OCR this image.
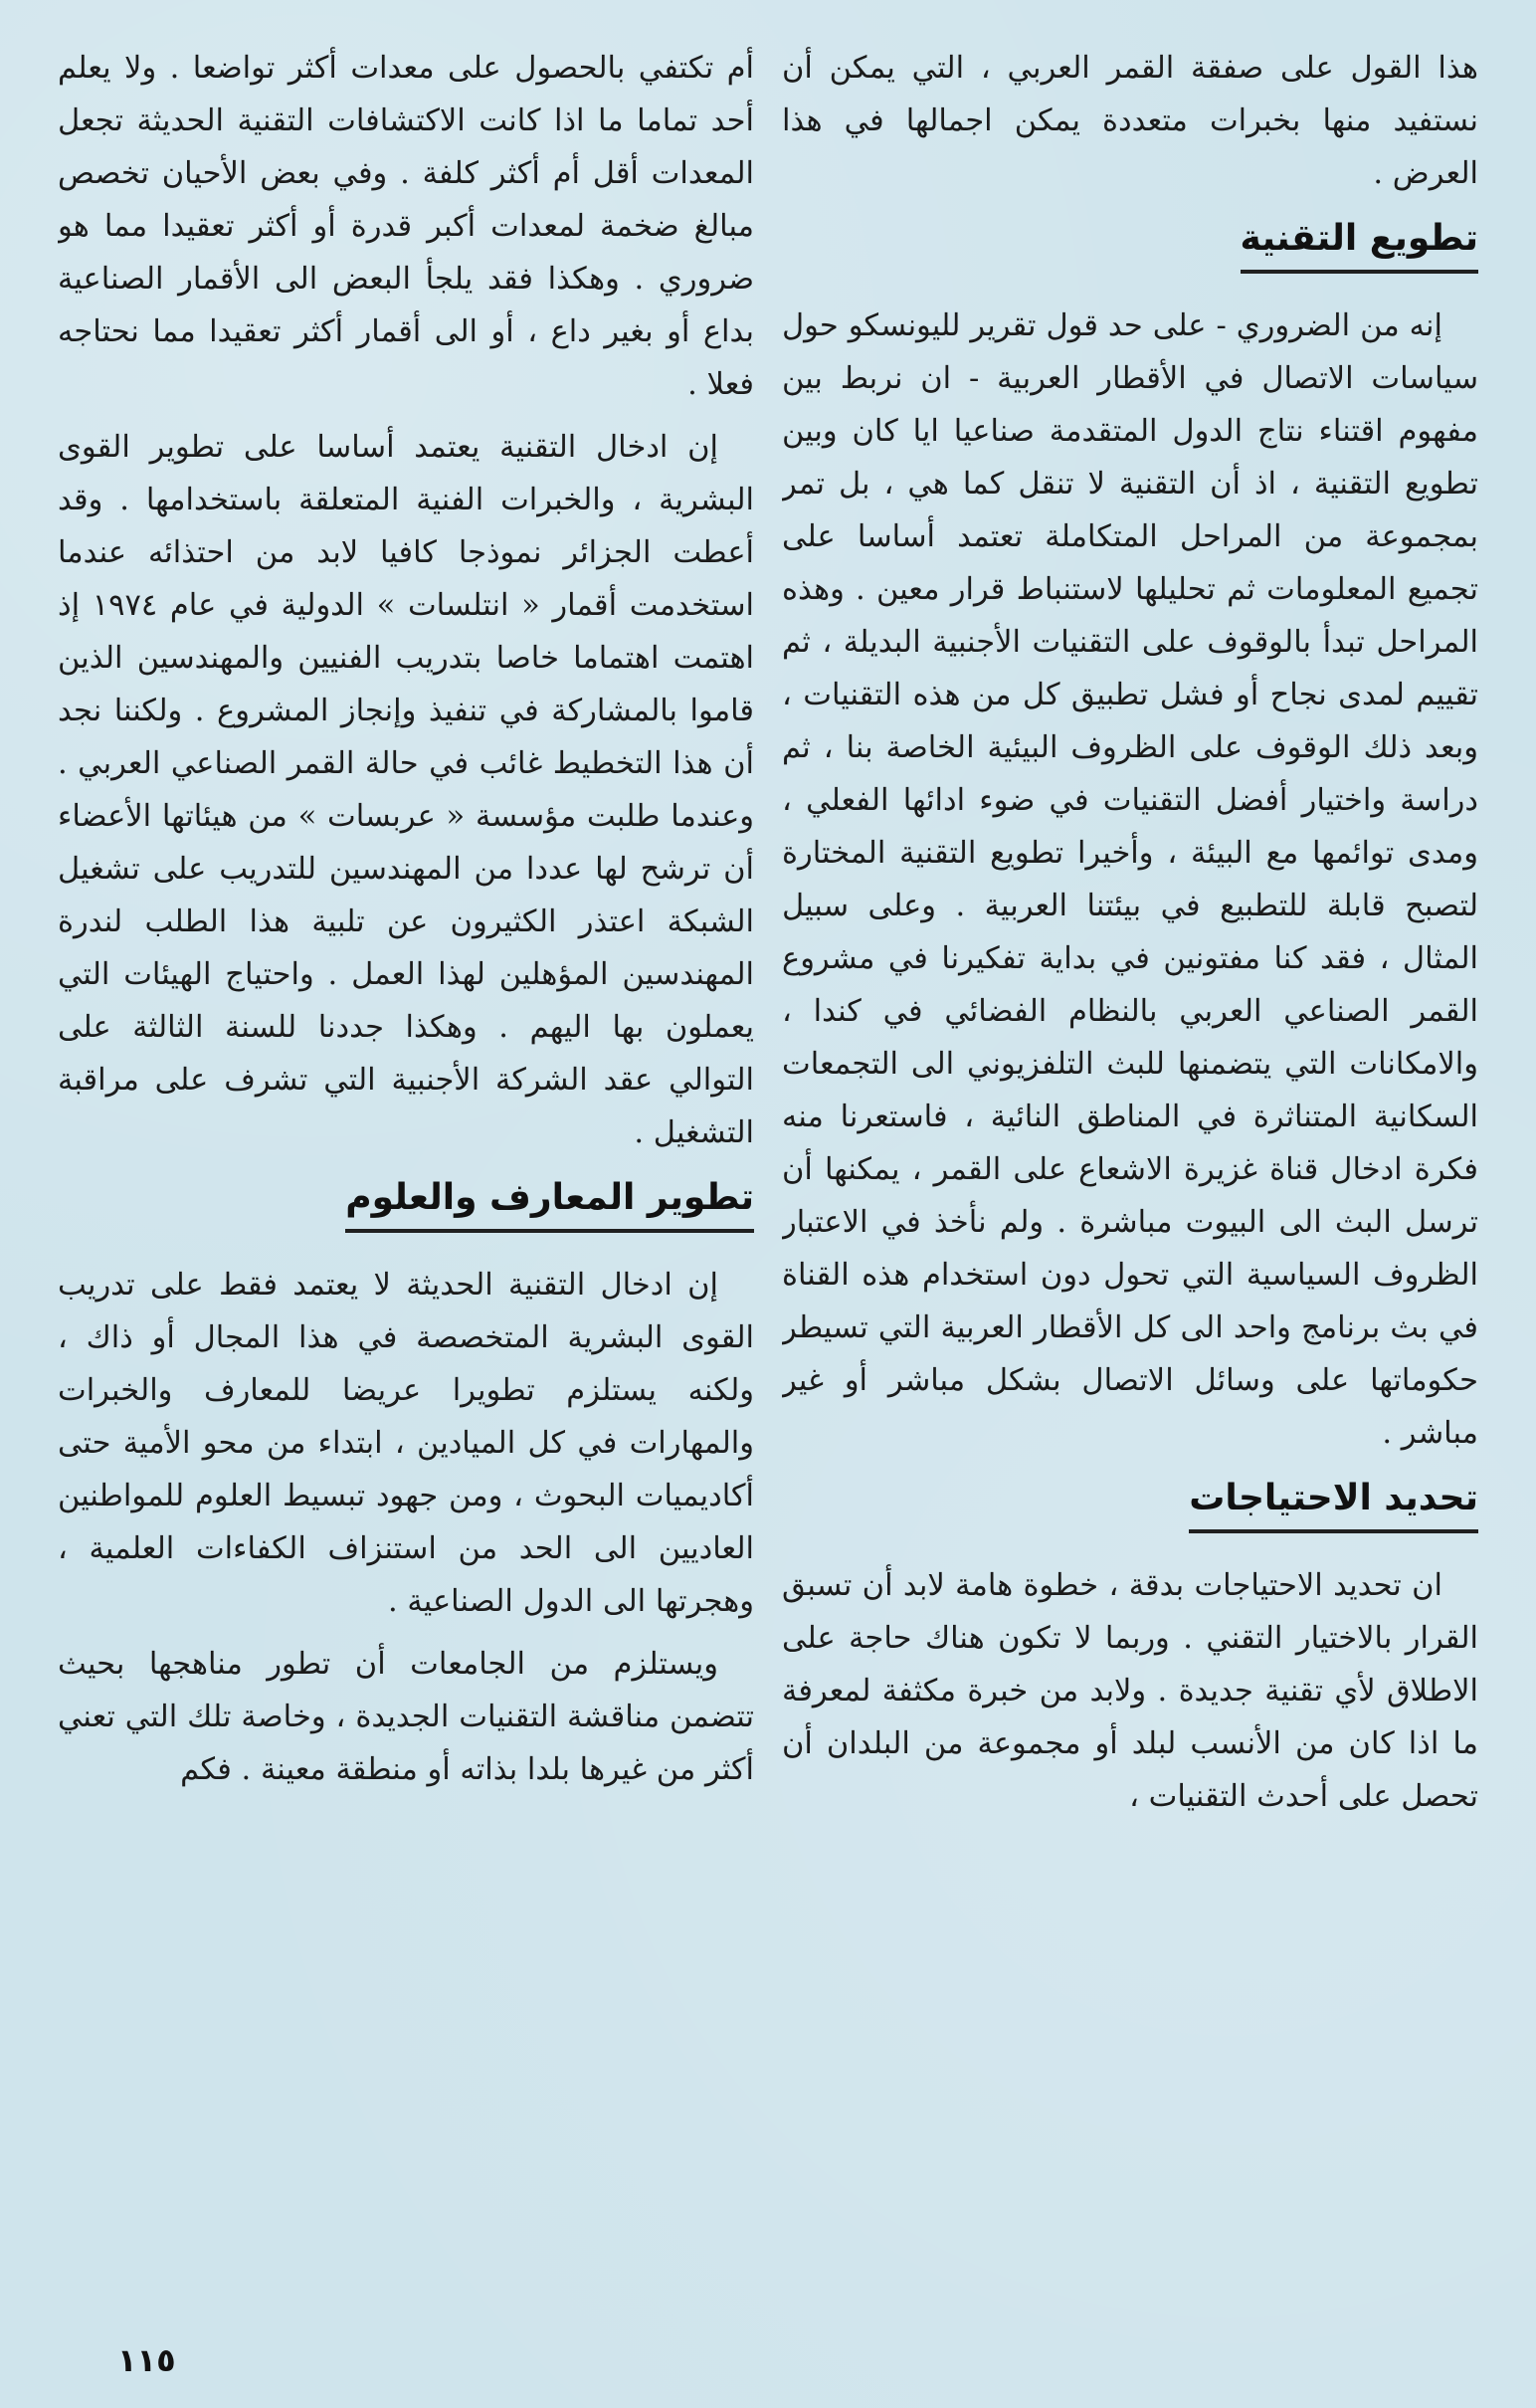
هذا القول على صفقة القمر العربي ، التي يمكن أن نستفيد منها بخبرات متعددة يمكن اجمالها في هذا العرض .

تطويع التقنية

إنه من الضروري - على حد قول تقرير لليونسكو حول سياسات الاتصال في الأقطار العربية - ان نربط بين مفهوم اقتناء نتاج الدول المتقدمة صناعيا ايا كان وبين تطويع التقنية ، اذ أن التقنية لا تنقل كما هي ، بل تمر بمجموعة من المراحل المتكاملة تعتمد أساسا على تجميع المعلومات ثم تحليلها لاستنباط قرار معين . وهذه المراحل تبدأ بالوقوف على التقنيات الأجنبية البديلة ، ثم تقييم لمدى نجاح أو فشل تطبيق كل من هذه التقنيات ، وبعد ذلك الوقوف على الظروف البيئية الخاصة بنا ، ثم دراسة واختيار أفضل التقنيات في ضوء ادائها الفعلي ، ومدى توائمها مع البيئة ، وأخيرا تطويع التقنية المختارة لتصبح قابلة للتطبيع في بيئتنا العربية . وعلى سبيل المثال ، فقد كنا مفتونين في بداية تفكيرنا في مشروع القمر الصناعي العربي بالنظام الفضائي في كندا ، والامكانات التي يتضمنها للبث التلفزيوني الى التجمعات السكانية المتناثرة في المناطق النائية ، فاستعرنا منه فكرة ادخال قناة غزيرة الاشعاع على القمر ، يمكنها أن ترسل البث الى البيوت مباشرة . ولم نأخذ في الاعتبار الظروف السياسية التي تحول دون استخدام هذه القناة في بث برنامج واحد الى كل الأقطار العربية التي تسيطر حكوماتها على وسائل الاتصال بشكل مباشر أو غير مباشر .

تحديد الاحتياجات

ان تحديد الاحتياجات بدقة ، خطوة هامة لابد أن تسبق القرار بالاختيار التقني . وربما لا تكون هناك حاجة على الاطلاق لأي تقنية جديدة . ولابد من خبرة مكثفة لمعرفة ما اذا كان من الأنسب لبلد أو مجموعة من البلدان أن تحصل على أحدث التقنيات ،

أم تكتفي بالحصول على معدات أكثر تواضعا . ولا يعلم أحد تماما ما اذا كانت الاكتشافات التقنية الحديثة تجعل المعدات أقل أم أكثر كلفة . وفي بعض الأحيان تخصص مبالغ ضخمة لمعدات أكبر قدرة أو أكثر تعقيدا مما هو ضروري . وهكذا فقد يلجأ البعض الى الأقمار الصناعية بداع أو بغير داع ، أو الى أقمار أكثر تعقيدا مما نحتاجه فعلا .

إن ادخال التقنية يعتمد أساسا على تطوير القوى البشرية ، والخبرات الفنية المتعلقة باستخدامها . وقد أعطت الجزائر نموذجا كافيا لابد من احتذائه عندما استخدمت أقمار « انتلسات » الدولية في عام ١٩٧٤ إذ اهتمت اهتماما خاصا بتدريب الفنيين والمهندسين الذين قاموا بالمشاركة في تنفيذ وإنجاز المشروع . ولكننا نجد أن هذا التخطيط غائب في حالة القمر الصناعي العربي . وعندما طلبت مؤسسة « عربسات » من هيئاتها الأعضاء أن ترشح لها عددا من المهندسين للتدريب على تشغيل الشبكة اعتذر الكثيرون عن تلبية هذا الطلب لندرة المهندسين المؤهلين لهذا العمل . واحتياج الهيئات التي يعملون بها اليهم . وهكذا جددنا للسنة الثالثة على التوالي عقد الشركة الأجنبية التي تشرف على مراقبة التشغيل .

تطوير المعارف والعلوم

إن ادخال التقنية الحديثة لا يعتمد فقط على تدريب القوى البشرية المتخصصة في هذا المجال أو ذاك ، ولكنه يستلزم تطويرا عريضا للمعارف والخبرات والمهارات في كل الميادين ، ابتداء من محو الأمية حتى أكاديميات البحوث ، ومن جهود تبسيط العلوم للمواطنين العاديين الى الحد من استنزاف الكفاءات العلمية ، وهجرتها الى الدول الصناعية .

ويستلزم من الجامعات أن تطور مناهجها بحيث تتضمن مناقشة التقنيات الجديدة ، وخاصة تلك التي تعني أكثر من غيرها بلدا بذاته أو منطقة معينة . فكم

١١٥
